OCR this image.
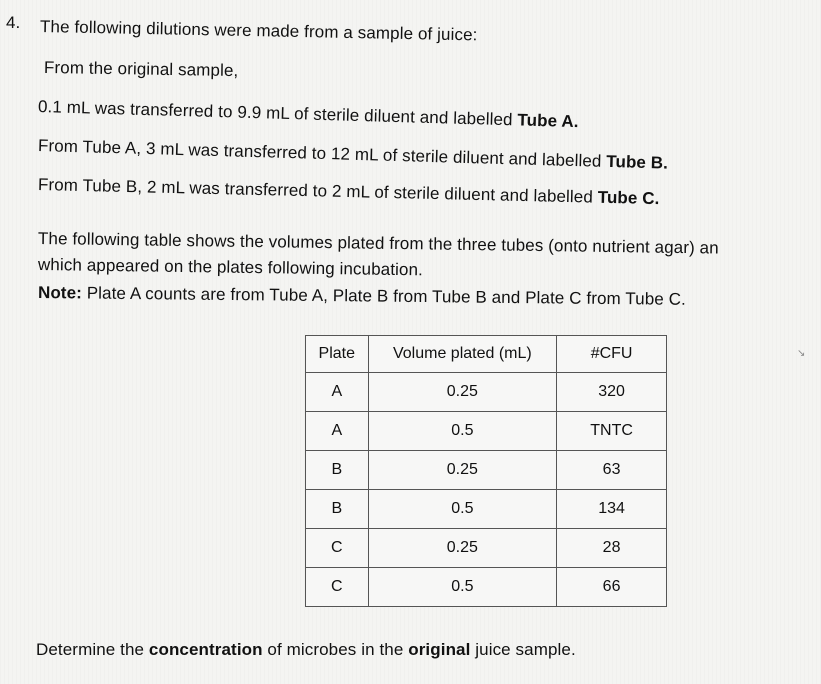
4. The following dilutions were made from a sample of juice:
From the original sample,
0.1 mL was transferred to 9.9 mL of sterile diluent and labelled Tube A.
From Tube A, 3 mL was transferred to 12 mL of sterile diluent and labelled Tube B.
From Tube B, 2 mL was transferred to 2 mL of sterile diluent and labelled Tube C.
The following table shows the volumes plated from the three tubes (onto nutrient agar) an
which appeared on the plates following incubation.
Note: Plate A counts are from Tube A, Plate B from Tube B and Plate C from Tube C.
Plate	Volume plated (mL)	#CFU
A	0.25	320
A	0.5	TNTC
B	0.25	63
B	0.5	134
C	0.25	28
C	0.5	66
↘
Determine the concentration of microbes in the original juice sample.
